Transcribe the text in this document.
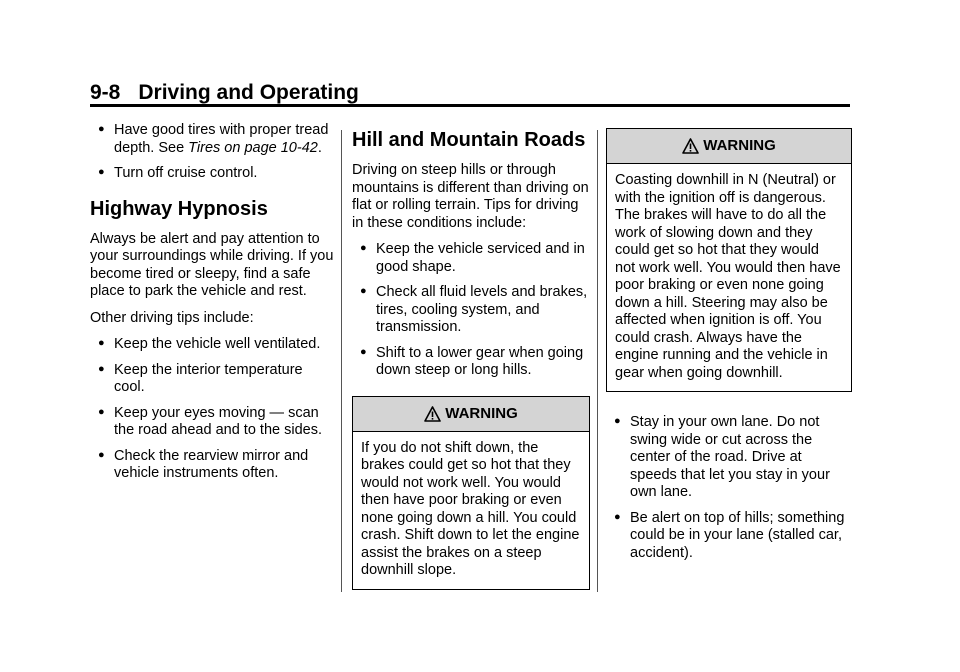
9-8 Driving and Operating
● Have good tires with proper tread depth. See Tires on page 10-42.
● Turn off cruise control.
Highway Hypnosis

Always be alert and pay attention to your surroundings while driving. If you become tired or sleepy, find a safe place to park the vehicle and rest.

Other driving tips include:

● Keep the vehicle well ventilated.
● Keep the interior temperature cool.
● Keep your eyes moving — scan the road ahead and to the sides.
● Check the rearview mirror and vehicle instruments often.
Hill and Mountain Roads

Driving on steep hills or through mountains is different than driving on flat or rolling terrain. Tips for driving in these conditions include:

● Keep the vehicle serviced and in good shape.
● Check all fluid levels and brakes, tires, cooling system, and transmission.
● Shift to a lower gear when going down steep or long hills.
WARNING
If you do not shift down, the brakes could get so hot that they would not work well. You would then have poor braking or even none going down a hill. You could crash. Shift down to let the engine assist the brakes on a steep downhill slope.
WARNING
Coasting downhill in N (Neutral) or with the ignition off is dangerous. The brakes will have to do all the work of slowing down and they could get so hot that they would not work well. You would then have poor braking or even none going down a hill. Steering may also be affected when ignition is off. You could crash. Always have the engine running and the vehicle in gear when going downhill.
● Stay in your own lane. Do not swing wide or cut across the center of the road. Drive at speeds that let you stay in your own lane.
● Be alert on top of hills; something could be in your lane (stalled car, accident).
